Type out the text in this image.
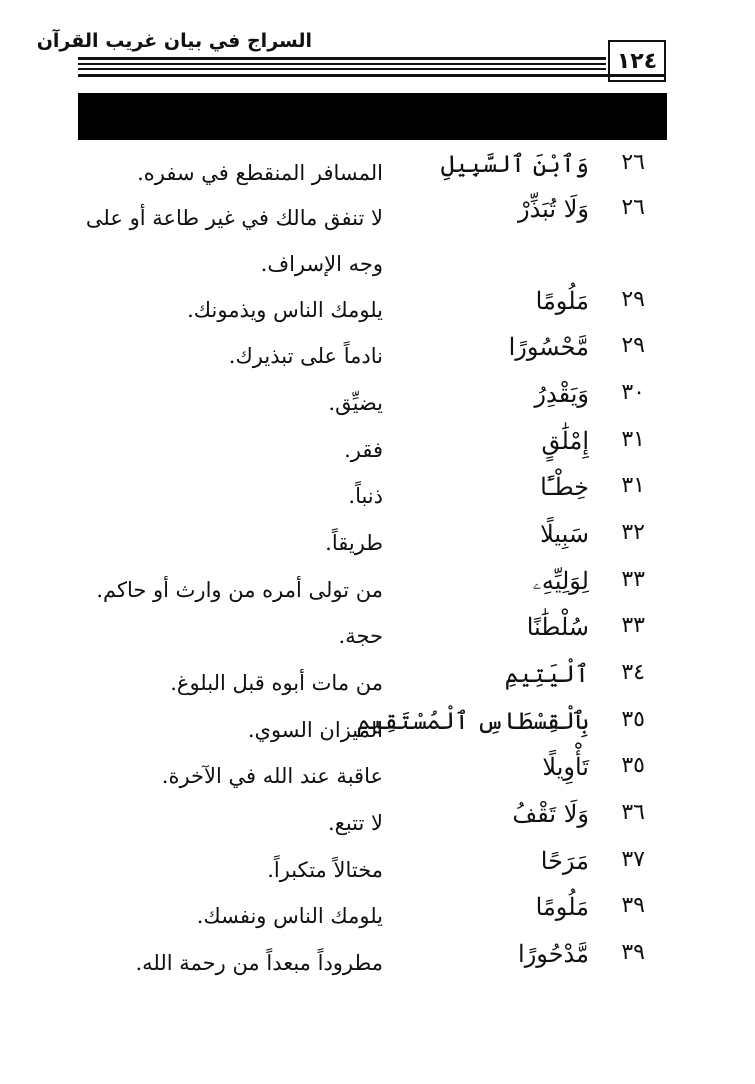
السراج في بيان غريب القرآن
١٢٤
٢٦
وَٱبْنَ ٱلسَّبِيلِ
المسافر المنقطع في سفره.
٢٦
وَلَا تُبَذِّرْ
لا تنفق مالك في غير طاعة أو على وجه الإسراف.
٢٩
مَلُومًا
يلومك الناس ويذمونك.
٢٩
مَّحْسُورًا
نادماً على تبذيرك.
٣٠
وَيَقْدِرُ
يضيِّق.
٣١
إِمْلَٰقٍ
فقر.
٣١
خِطْـًٔا
ذنباً.
٣٢
سَبِيلًا
طريقاً.
٣٣
لِوَلِيِّهِۦ
من تولى أمره من وارث أو حاكم.
٣٣
سُلْطَٰنًا
حجة.
٣٤
ٱلْيَتِيمِ
من مات أبوه قبل البلوغ.
٣٥
بِٱلْقِسْطَاسِ ٱلْمُسْتَقِيمِ
الميزان السوي.
٣٥
تَأْوِيلًا
عاقبة عند الله في الآخرة.
٣٦
وَلَا تَقْفُ
لا تتبع.
٣٧
مَرَحًا
مختالاً متكبراً.
٣٩
مَلُومًا
يلومك الناس ونفسك.
٣٩
مَّدْحُورًا
مطروداً مبعداً من رحمة الله.
